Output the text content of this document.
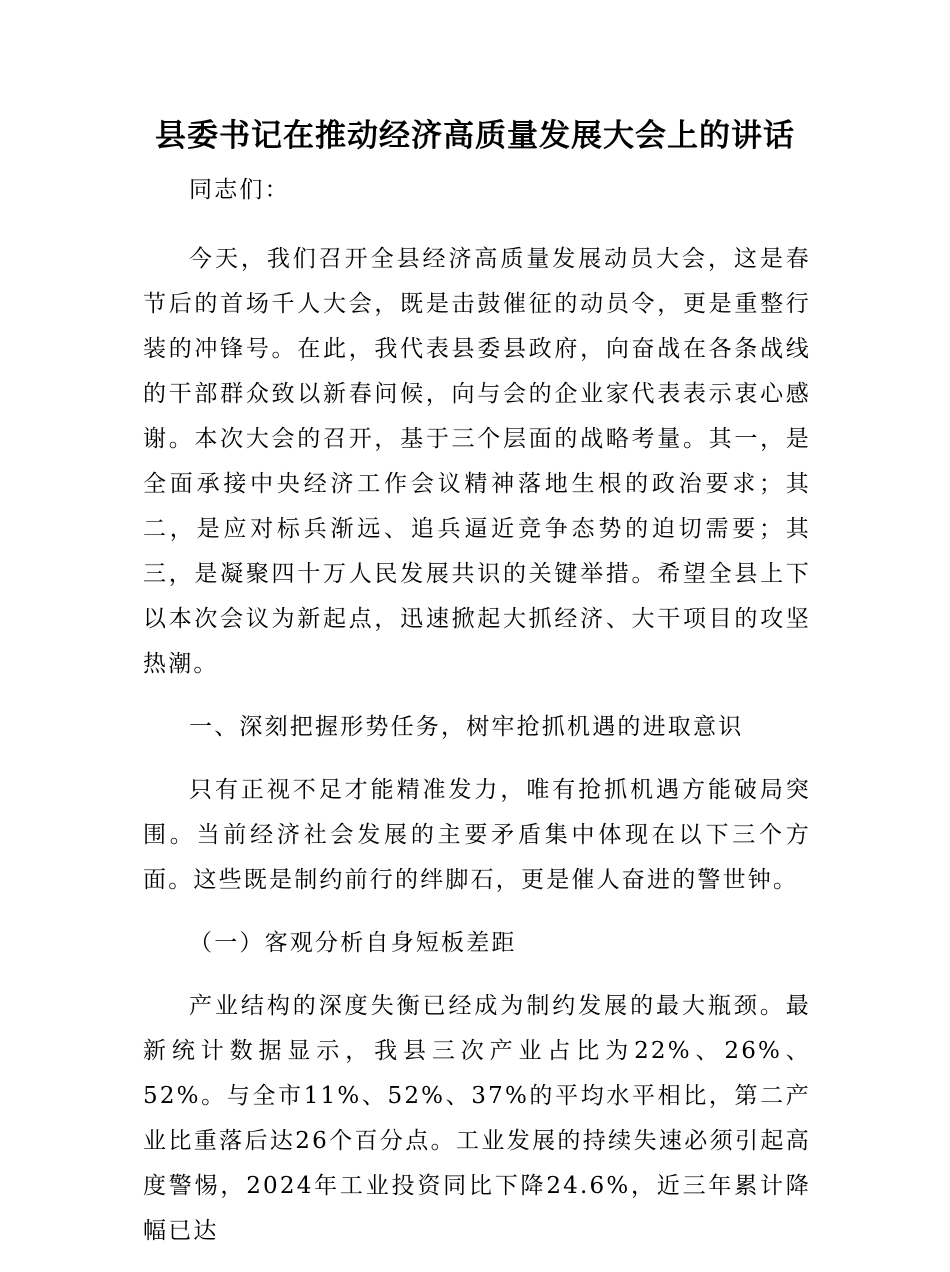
县委书记在推动经济高质量发展大会上的讲话

同志们：

今天，我们召开全县经济高质量发展动员大会，这是春节后的首场千人大会，既是击鼓催征的动员令，更是重整行装的冲锋号。在此，我代表县委县政府，向奋战在各条战线的干部群众致以新春问候，向与会的企业家代表表示衷心感谢。本次大会的召开，基于三个层面的战略考量。其一，是全面承接中央经济工作会议精神落地生根的政治要求；其二，是应对标兵渐远、追兵逼近竞争态势的迫切需要；其三，是凝聚四十万人民发展共识的关键举措。希望全县上下以本次会议为新起点，迅速掀起大抓经济、大干项目的攻坚热潮。

一、深刻把握形势任务，树牢抢抓机遇的进取意识

只有正视不足才能精准发力，唯有抢抓机遇方能破局突围。当前经济社会发展的主要矛盾集中体现在以下三个方面。这些既是制约前行的绊脚石，更是催人奋进的警世钟。

（一）客观分析自身短板差距

产业结构的深度失衡已经成为制约发展的最大瓶颈。最新统计数据显示，我县三次产业占比为22%、26%、52%。与全市11%、52%、37%的平均水平相比，第二产业比重落后达26个百分点。工业发展的持续失速必须引起高度警惕，2024年工业投资同比下降24.6%，近三年累计降幅已达
